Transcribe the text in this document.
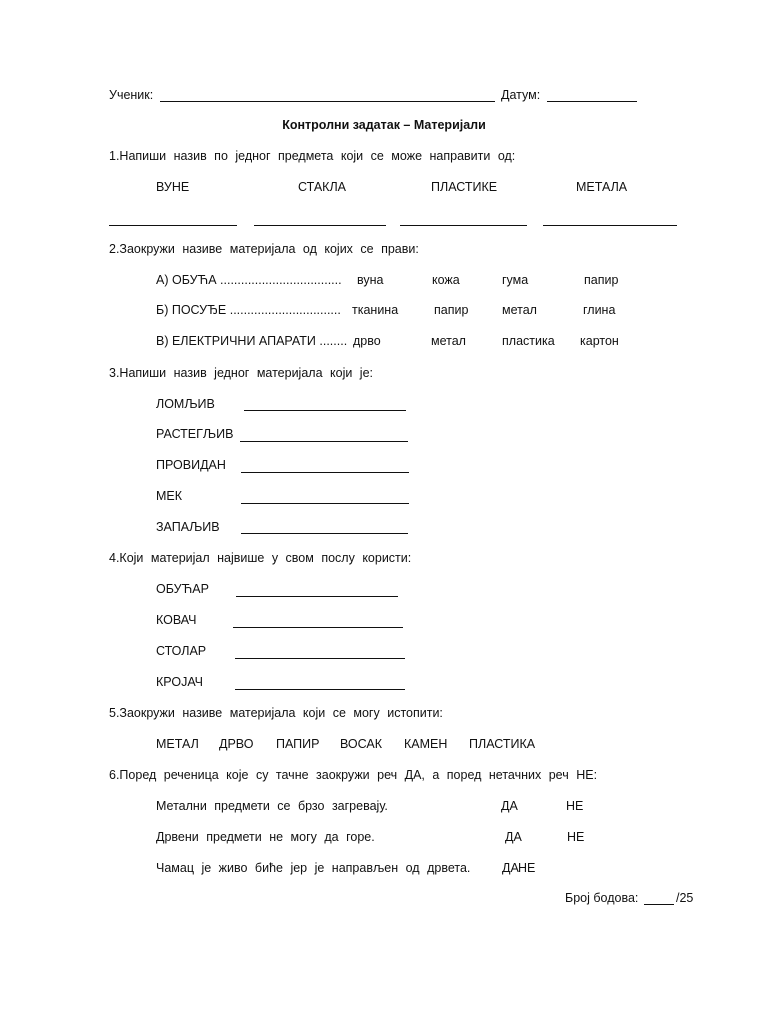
Ученик:	Датум:
Контролни задатак – Материјали
1.Напиши назив по једног предмета који се може направити од:
ВУНЕ	СТАКЛА	ПЛАСТИКЕ	МЕТАЛА
2.Заокружи називе материјала од којих се прави:
А) ОБУЋА ................................... вуна	кожа	гума	папир
Б) ПОСУЂЕ ................................ тканина	папир	метал	глина
В) ЕЛЕКТРИЧНИ АПАРАТИ ........ дрво	метал	пластика картон
3.Напиши назив једног материјала који је:
ЛОМЉИВ
РАСТЕГЉИВ
ПРОВИДАН
МЕК
ЗАПАЉИВ
4.Који материјал највише у свом послу користи:
ОБУЋАР
КОВАЧ
СТОЛАР
КРОЈАЧ
5.Заокружи називе материјала који се могу истопити:
МЕТАЛ ДРВО ПАПИР ВОСАК КАМЕН ПЛАСТИКА
6.Поред реченица које су тачне заокружи реч ДА, а поред нетачних реч НЕ:
Метални предмети се брзо загревају.	ДА	НЕ
Дрвени предмети не могу да горе.	ДА	НЕ
Чамац је живо биће јер је направљен од дрвета.	ДА НЕ
Број бодова:	/25
